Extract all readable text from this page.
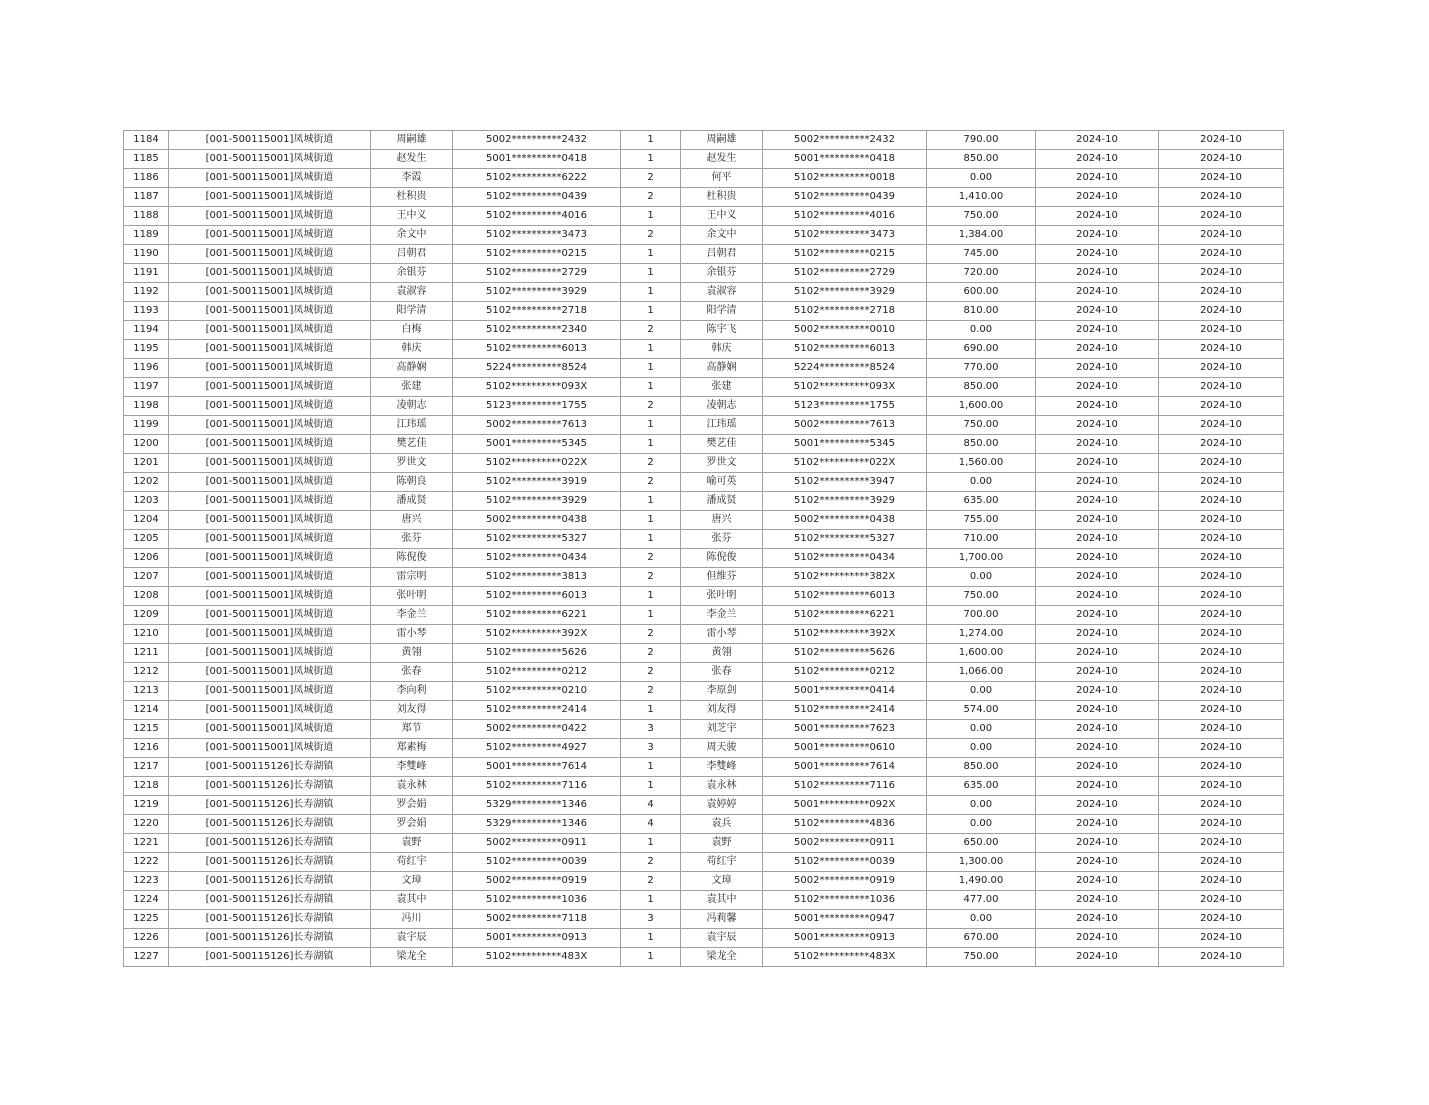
1184	[001-500115001]凤城街道	周嗣雄	5002**********2432	1	周嗣雄	5002**********2432	790.00	2024-10	2024-10
1185	[001-500115001]凤城街道	赵发生	5001**********0418	1	赵发生	5001**********0418	850.00	2024-10	2024-10
1186	[001-500115001]凤城街道	李霞	5102**********6222	2	何平	5102**********0018	0.00	2024-10	2024-10
1187	[001-500115001]凤城街道	杜积贵	5102**********0439	2	杜积贵	5102**********0439	1,410.00	2024-10	2024-10
1188	[001-500115001]凤城街道	王中义	5102**********4016	1	王中义	5102**********4016	750.00	2024-10	2024-10
1189	[001-500115001]凤城街道	余文中	5102**********3473	2	余文中	5102**********3473	1,384.00	2024-10	2024-10
1190	[001-500115001]凤城街道	吕朝君	5102**********0215	1	吕朝君	5102**********0215	745.00	2024-10	2024-10
1191	[001-500115001]凤城街道	余银芬	5102**********2729	1	余银芬	5102**********2729	720.00	2024-10	2024-10
1192	[001-500115001]凤城街道	袁淑容	5102**********3929	1	袁淑容	5102**********3929	600.00	2024-10	2024-10
1193	[001-500115001]凤城街道	阳学清	5102**********2718	1	阳学清	5102**********2718	810.00	2024-10	2024-10
1194	[001-500115001]凤城街道	白梅	5102**********2340	2	陈宇飞	5002**********0010	0.00	2024-10	2024-10
1195	[001-500115001]凤城街道	韩庆	5102**********6013	1	韩庆	5102**********6013	690.00	2024-10	2024-10
1196	[001-500115001]凤城街道	高静娴	5224**********8524	1	高静娴	5224**********8524	770.00	2024-10	2024-10
1197	[001-500115001]凤城街道	张建	5102**********093X	1	张建	5102**********093X	850.00	2024-10	2024-10
1198	[001-500115001]凤城街道	凌朝志	5123**********1755	2	凌朝志	5123**********1755	1,600.00	2024-10	2024-10
1199	[001-500115001]凤城街道	江玮瑶	5002**********7613	1	江玮瑶	5002**********7613	750.00	2024-10	2024-10
1200	[001-500115001]凤城街道	樊艺佳	5001**********5345	1	樊艺佳	5001**********5345	850.00	2024-10	2024-10
1201	[001-500115001]凤城街道	罗世文	5102**********022X	2	罗世文	5102**********022X	1,560.00	2024-10	2024-10
1202	[001-500115001]凤城街道	陈朝良	5102**********3919	2	喻可英	5102**********3947	0.00	2024-10	2024-10
1203	[001-500115001]凤城街道	潘成贤	5102**********3929	1	潘成贤	5102**********3929	635.00	2024-10	2024-10
1204	[001-500115001]凤城街道	唐兴	5002**********0438	1	唐兴	5002**********0438	755.00	2024-10	2024-10
1205	[001-500115001]凤城街道	张芬	5102**********5327	1	张芬	5102**********5327	710.00	2024-10	2024-10
1206	[001-500115001]凤城街道	陈倪俊	5102**********0434	2	陈倪俊	5102**********0434	1,700.00	2024-10	2024-10
1207	[001-500115001]凤城街道	雷宗明	5102**********3813	2	但维芬	5102**********382X	0.00	2024-10	2024-10
1208	[001-500115001]凤城街道	张叶明	5102**********6013	1	张叶明	5102**********6013	750.00	2024-10	2024-10
1209	[001-500115001]凤城街道	李金兰	5102**********6221	1	李金兰	5102**********6221	700.00	2024-10	2024-10
1210	[001-500115001]凤城街道	雷小琴	5102**********392X	2	雷小琴	5102**********392X	1,274.00	2024-10	2024-10
1211	[001-500115001]凤城街道	黄翎	5102**********5626	2	黄翎	5102**********5626	1,600.00	2024-10	2024-10
1212	[001-500115001]凤城街道	张春	5102**********0212	2	张春	5102**********0212	1,066.00	2024-10	2024-10
1213	[001-500115001]凤城街道	李向利	5102**********0210	2	李原剑	5001**********0414	0.00	2024-10	2024-10
1214	[001-500115001]凤城街道	刘友得	5102**********2414	1	刘友得	5102**********2414	574.00	2024-10	2024-10
1215	[001-500115001]凤城街道	郑节	5002**********0422	3	刘芝宇	5001**********7623	0.00	2024-10	2024-10
1216	[001-500115001]凤城街道	郑素梅	5102**********4927	3	周天骏	5001**********0610	0.00	2024-10	2024-10
1217	[001-500115126]长寿湖镇	李雙峰	5001**********7614	1	李雙峰	5001**********7614	850.00	2024-10	2024-10
1218	[001-500115126]长寿湖镇	袁永林	5102**********7116	1	袁永林	5102**********7116	635.00	2024-10	2024-10
1219	[001-500115126]长寿湖镇	罗会娟	5329**********1346	4	袁婷婷	5001**********092X	0.00	2024-10	2024-10
1220	[001-500115126]长寿湖镇	罗会娟	5329**********1346	4	袁兵	5102**********4836	0.00	2024-10	2024-10
1221	[001-500115126]长寿湖镇	袁野	5002**********0911	1	袁野	5002**********0911	650.00	2024-10	2024-10
1222	[001-500115126]长寿湖镇	苟红宇	5102**********0039	2	苟红宇	5102**********0039	1,300.00	2024-10	2024-10
1223	[001-500115126]长寿湖镇	文璋	5002**********0919	2	文璋	5002**********0919	1,490.00	2024-10	2024-10
1224	[001-500115126]长寿湖镇	袁其中	5102**********1036	1	袁其中	5102**********1036	477.00	2024-10	2024-10
1225	[001-500115126]长寿湖镇	冯川	5002**********7118	3	冯莉馨	5001**********0947	0.00	2024-10	2024-10
1226	[001-500115126]长寿湖镇	袁宇辰	5001**********0913	1	袁宇辰	5001**********0913	670.00	2024-10	2024-10
1227	[001-500115126]长寿湖镇	梁龙全	5102**********483X	1	梁龙全	5102**********483X	750.00	2024-10	2024-10
